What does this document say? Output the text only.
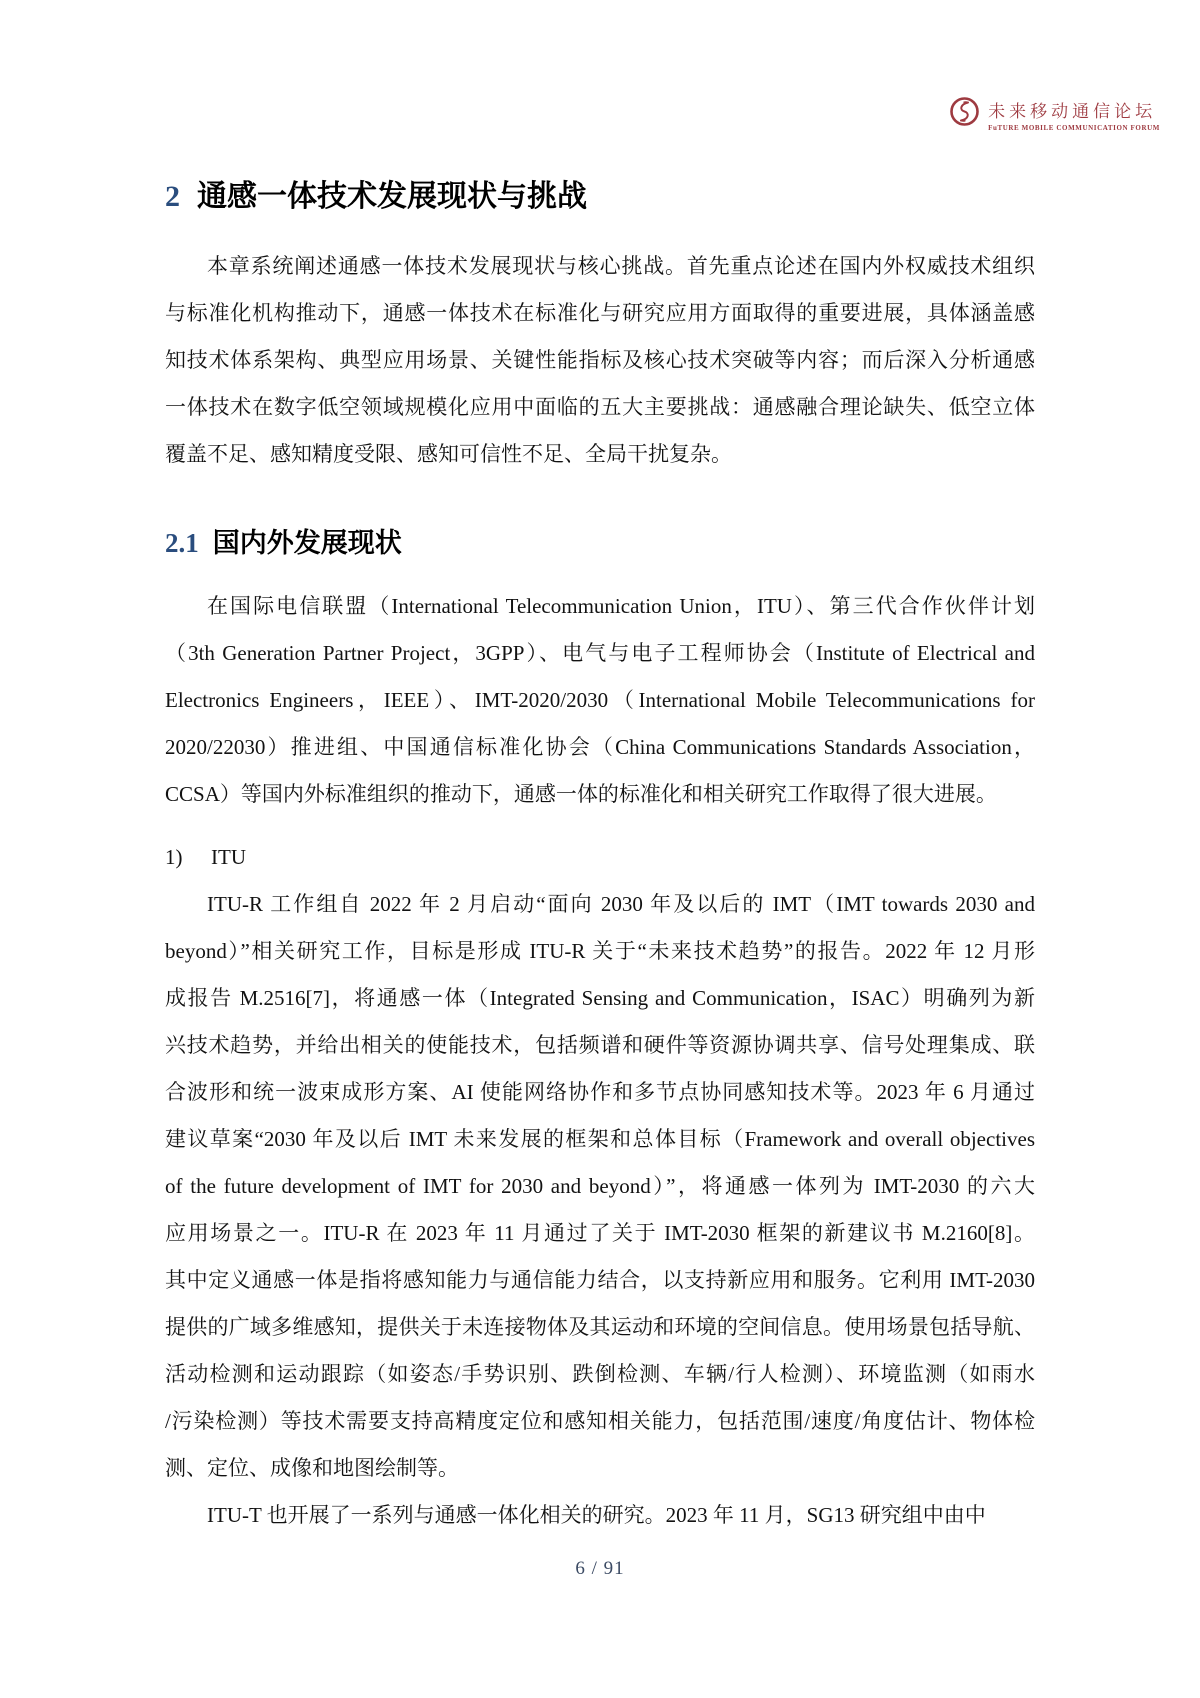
未来移动通信论坛
FuTURE MOBILE COMMUNICATION FORUM
2 通感一体技术发展现状与挑战
本章系统阐述通感一体技术发展现状与核心挑战。首先重点论述在国内外权威技术组织
与标准化机构推动下，通感一体技术在标准化与研究应用方面取得的重要进展，具体涵盖感
知技术体系架构、典型应用场景、关键性能指标及核心技术突破等内容；而后深入分析通感
一体技术在数字低空领域规模化应用中面临的五大主要挑战：通感融合理论缺失、低空立体
覆盖不足、感知精度受限、感知可信性不足、全局干扰复杂。
2.1 国内外发展现状
在国际电信联盟（International Telecommunication Union，ITU）、第三代合作伙伴计划
（3th Generation Partner Project，3GPP）、电气与电子工程师协会（Institute of Electrical and
Electronics Engineers，IEEE）、IMT-2020/2030（International Mobile Telecommunications for
2020/22030）推进组、中国通信标准化协会（China Communications Standards Association，
CCSA）等国内外标准组织的推动下，通感一体的标准化和相关研究工作取得了很大进展。
1) ITU
ITU-R 工作组自 2022 年 2 月启动“面向 2030 年及以后的 IMT（IMT towards 2030 and
beyond）”相关研究工作，目标是形成 ITU-R 关于“未来技术趋势”的报告。2022 年 12 月形
成报告 M.2516[7]，将通感一体（Integrated Sensing and Communication，ISAC）明确列为新
兴技术趋势，并给出相关的使能技术，包括频谱和硬件等资源协调共享、信号处理集成、联
合波形和统一波束成形方案、AI 使能网络协作和多节点协同感知技术等。2023 年 6 月通过
建议草案“2030 年及以后 IMT 未来发展的框架和总体目标（Framework and overall objectives
of the future development of IMT for 2030 and beyond）”，将通感一体列为 IMT-2030 的六大
应用场景之一。ITU-R 在 2023 年 11 月通过了关于 IMT-2030 框架的新建议书 M.2160[8]。
其中定义通感一体是指将感知能力与通信能力结合，以支持新应用和服务。它利用 IMT-2030
提供的广域多维感知，提供关于未连接物体及其运动和环境的空间信息。使用场景包括导航、
活动检测和运动跟踪（如姿态/手势识别、跌倒检测、车辆/行人检测）、环境监测（如雨水
/污染检测）等技术需要支持高精度定位和感知相关能力，包括范围/速度/角度估计、物体检
测、定位、成像和地图绘制等。
ITU-T 也开展了一系列与通感一体化相关的研究。2023 年 11 月，SG13 研究组中由中
6 / 91
